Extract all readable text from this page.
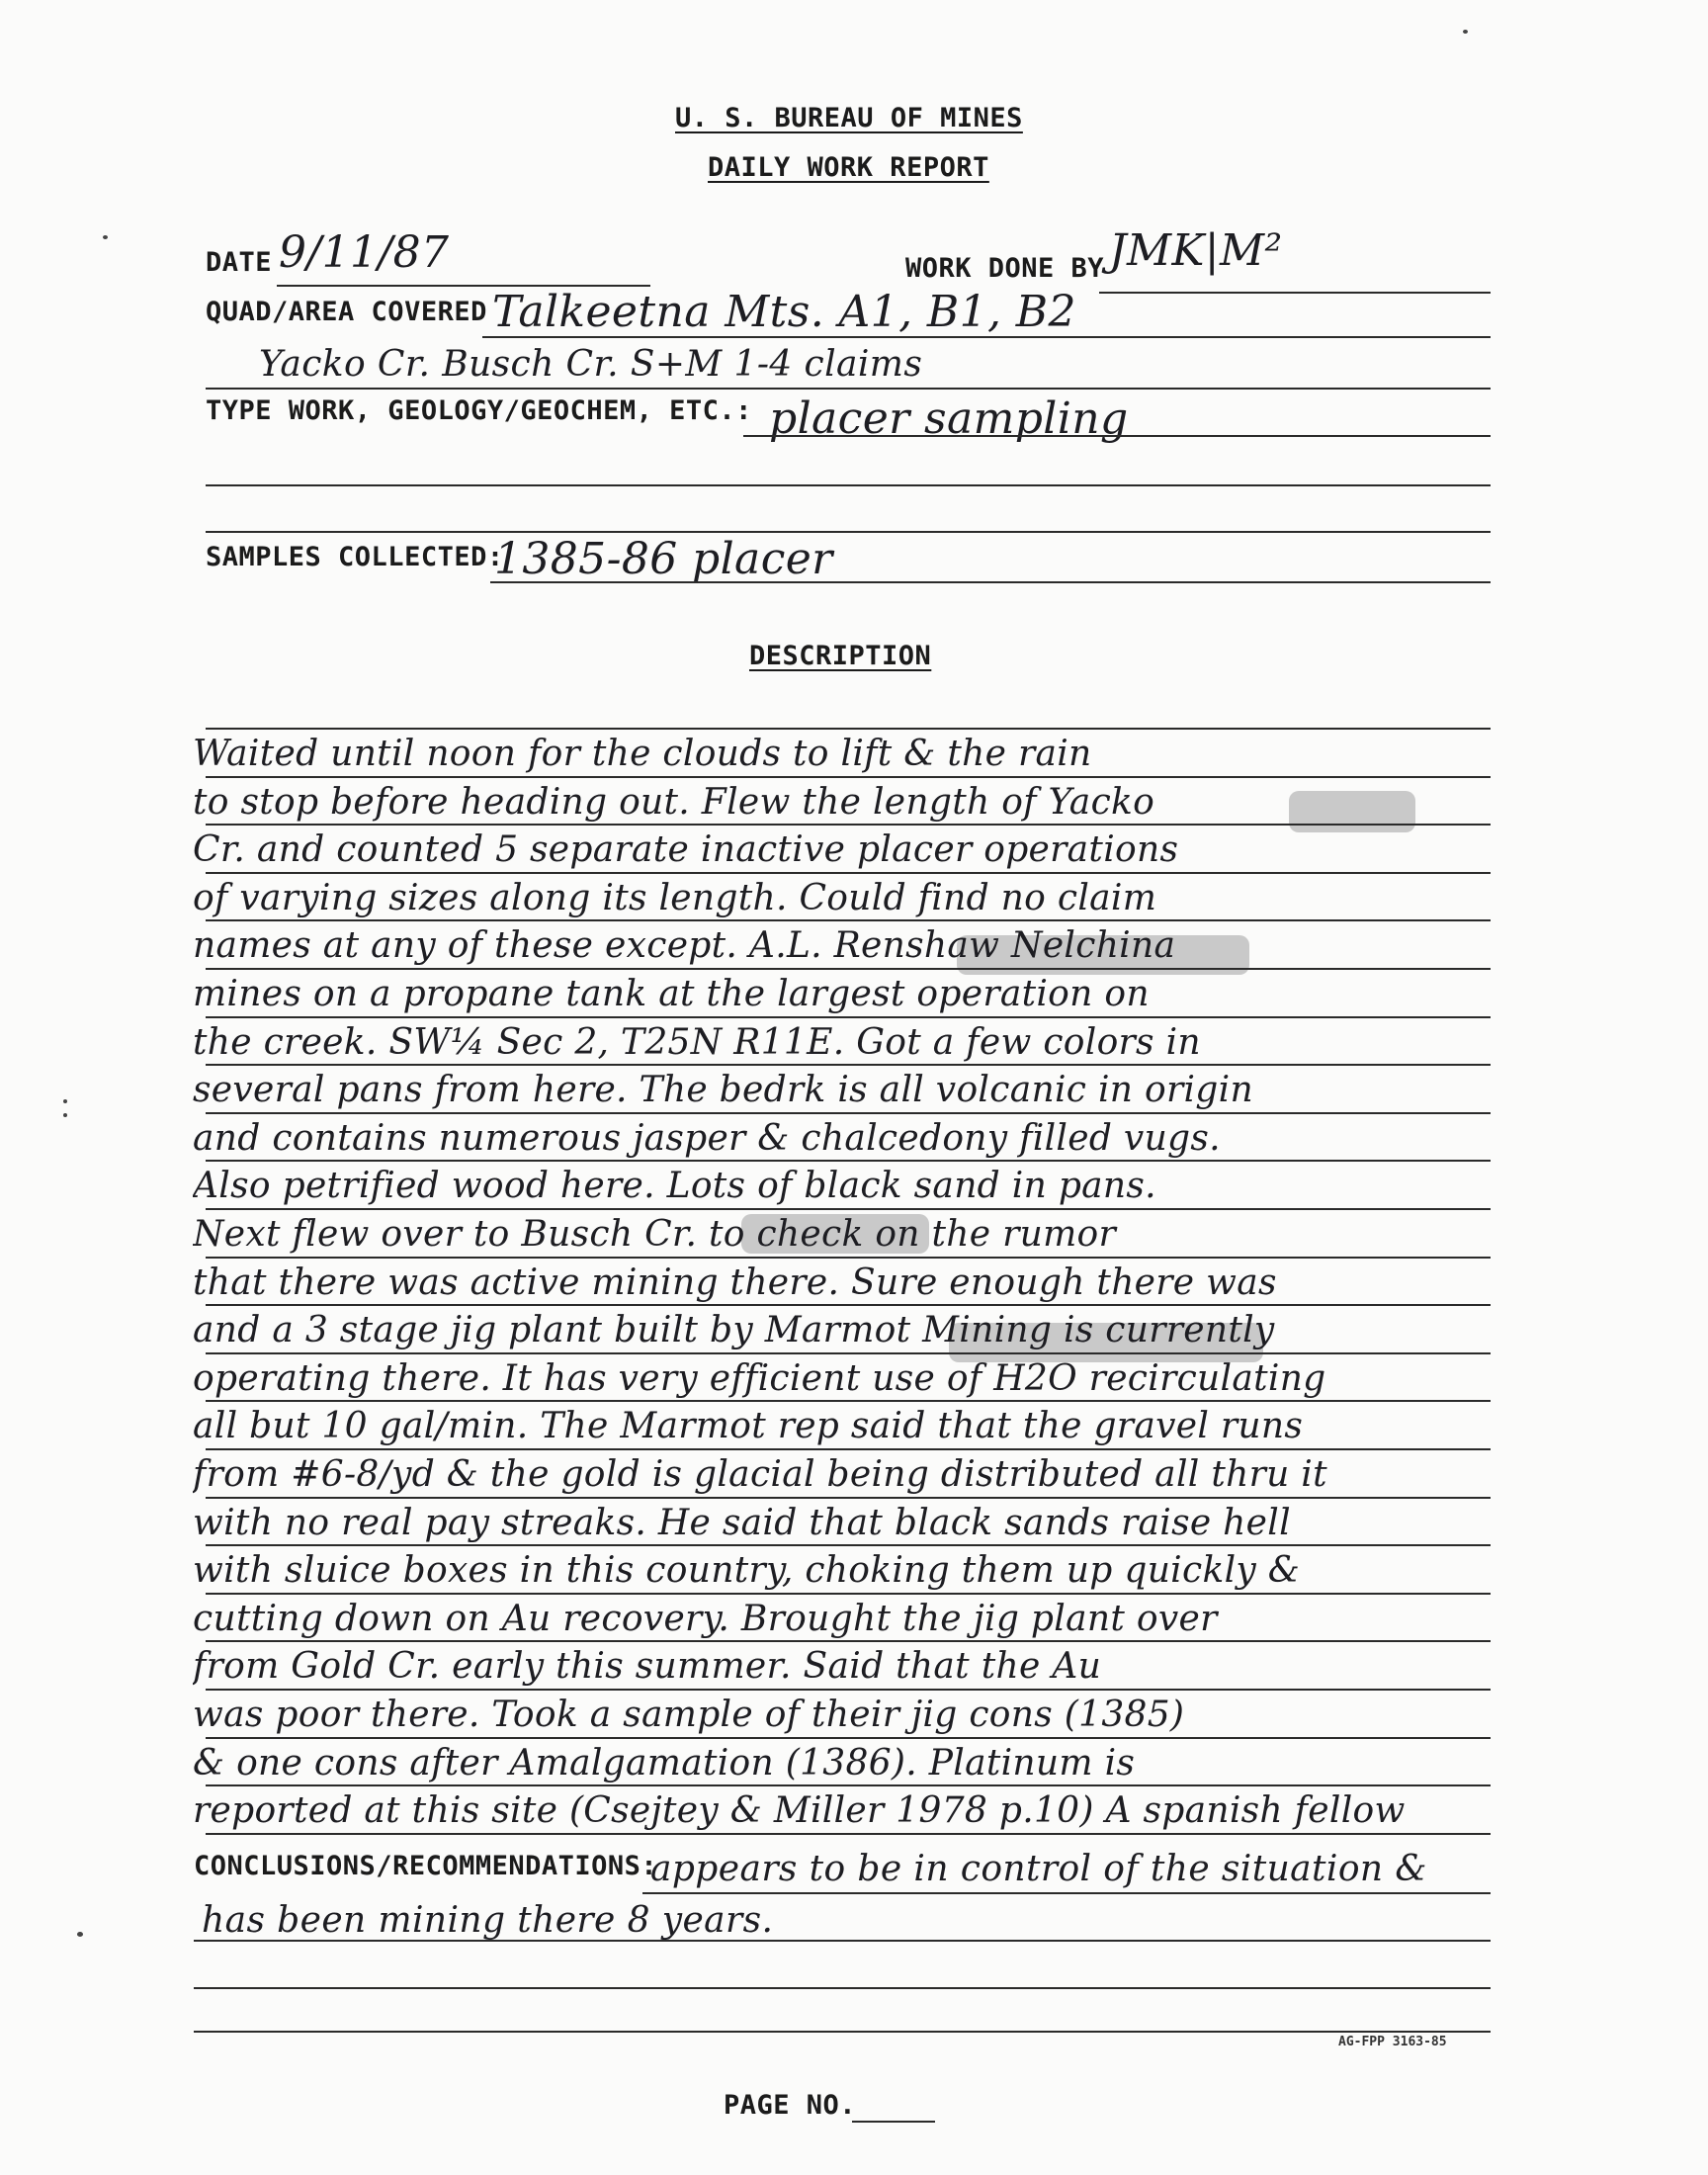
U. S. BUREAU OF MINES
DAILY WORK REPORT
DATE 9/11/87	WORK DONE BY JMK|M²
QUAD/AREA COVERED Talkeetna Mts. A1, B1, B2
Yacko Cr. Busch Cr. S+M 1-4 claims
TYPE WORK, GEOLOGY/GEOCHEM, ETC.: placer sampling
SAMPLES COLLECTED:
1385-86 placer
DESCRIPTION
Waited until noon for the clouds to lift & the rain
to stop before heading out. Flew the length of Yacko
Cr. and counted 5 separate inactive placer operations
of varying sizes along its length. Could find no claim
names at any of these except. A.L. Renshaw Nelchina
mines on a propane tank at the largest operation on
the creek. SW¼ Sec 2, T25N R11E. Got a few colors in
several pans from here. The bedrk is all volcanic in origin
and contains numerous jasper & chalcedony filled vugs.
Also petrified wood here. Lots of black sand in pans.
Next flew over to Busch Cr. to check on the rumor
that there was active mining there. Sure enough there was
and a 3 stage jig plant built by Marmot Mining is currently
operating there. It has very efficient use of H2O recirculating
all but 10 gal/min. The Marmot rep said that the gravel runs
from #6-8/yd & the gold is glacial being distributed all thru it
with no real pay streaks. He said that black sands raise hell
with sluice boxes in this country, choking them up quickly &
cutting down on Au recovery. Brought the jig plant over
from Gold Cr. early this summer. Said that the Au
was poor there. Took a sample of their jig cons (1385)
& one cons after Amalgamation (1386). Platinum is
reported at this site (Csejtey & Miller 1978 p.10) A spanish fellow
CONCLUSIONS/RECOMMENDATIONS:
appears to be in control of the situation &
has been mining there 8 years.
AG-FPP 3163-85
PAGE NO.
